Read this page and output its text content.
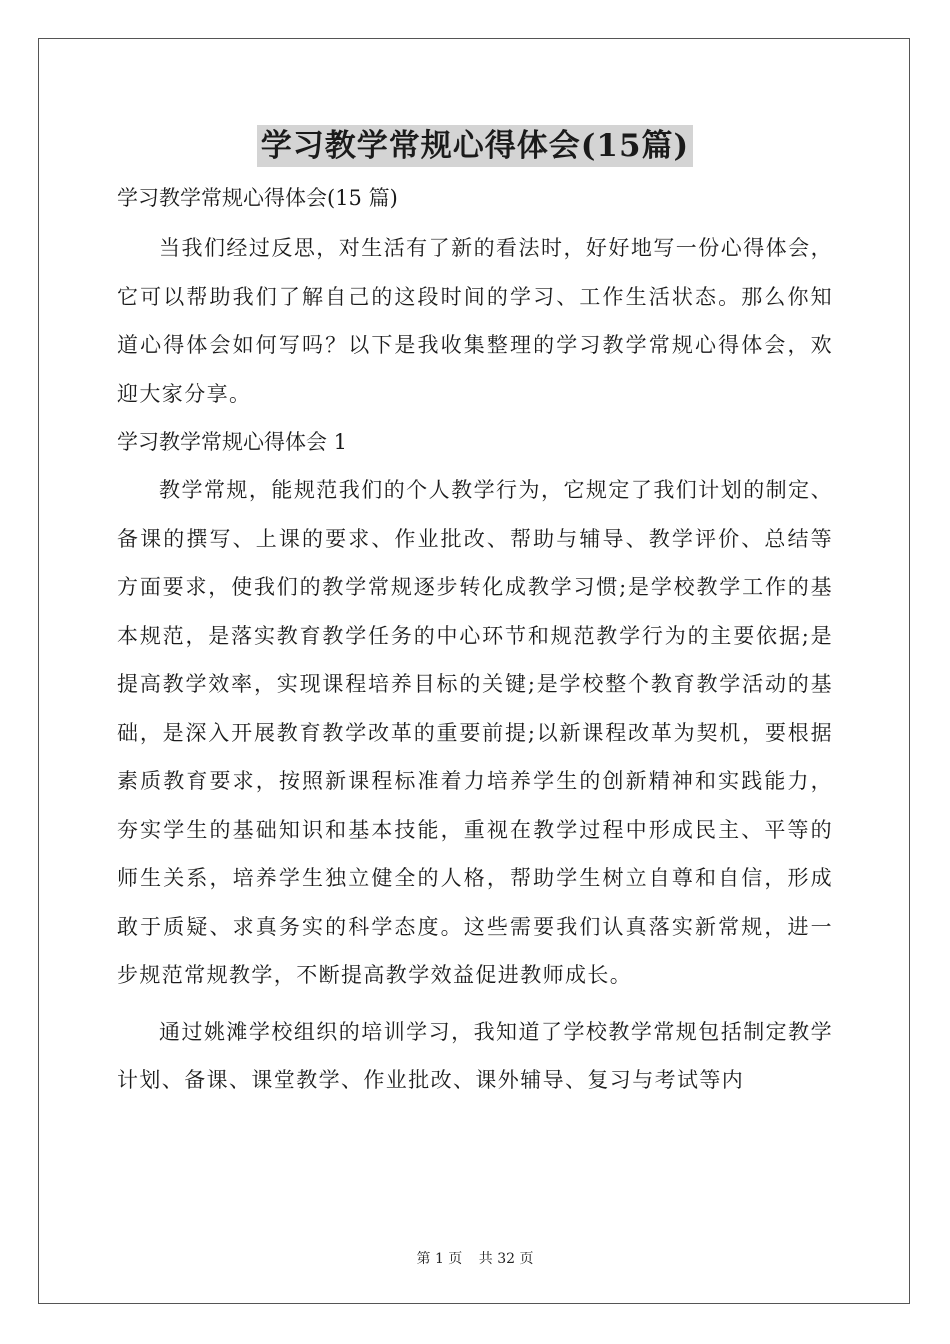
学习教学常规心得体会(15篇)

学习教学常规心得体会(15 篇)

当我们经过反思，对生活有了新的看法时，好好地写一份心得体会，它可以帮助我们了解自己的这段时间的学习、工作生活状态。那么你知道心得体会如何写吗？以下是我收集整理的学习教学常规心得体会，欢迎大家分享。

学习教学常规心得体会 1

教学常规，能规范我们的个人教学行为，它规定了我们计划的制定、备课的撰写、上课的要求、作业批改、帮助与辅导、教学评价、总结等方面要求，使我们的教学常规逐步转化成教学习惯;是学校教学工作的基本规范，是落实教育教学任务的中心环节和规范教学行为的主要依据;是提高教学效率，实现课程培养目标的关键;是学校整个教育教学活动的基础，是深入开展教育教学改革的重要前提;以新课程改革为契机，要根据素质教育要求，按照新课程标准着力培养学生的创新精神和实践能力，夯实学生的基础知识和基本技能，重视在教学过程中形成民主、平等的师生关系，培养学生独立健全的人格，帮助学生树立自尊和自信，形成敢于质疑、求真务实的科学态度。这些需要我们认真落实新常规，进一步规范常规教学，不断提高教学效益促进教师成长。

通过姚滩学校组织的培训学习，我知道了学校教学常规包括制定教学计划、备课、课堂教学、作业批改、课外辅导、复习与考试等内

第 1 页 共 32 页
